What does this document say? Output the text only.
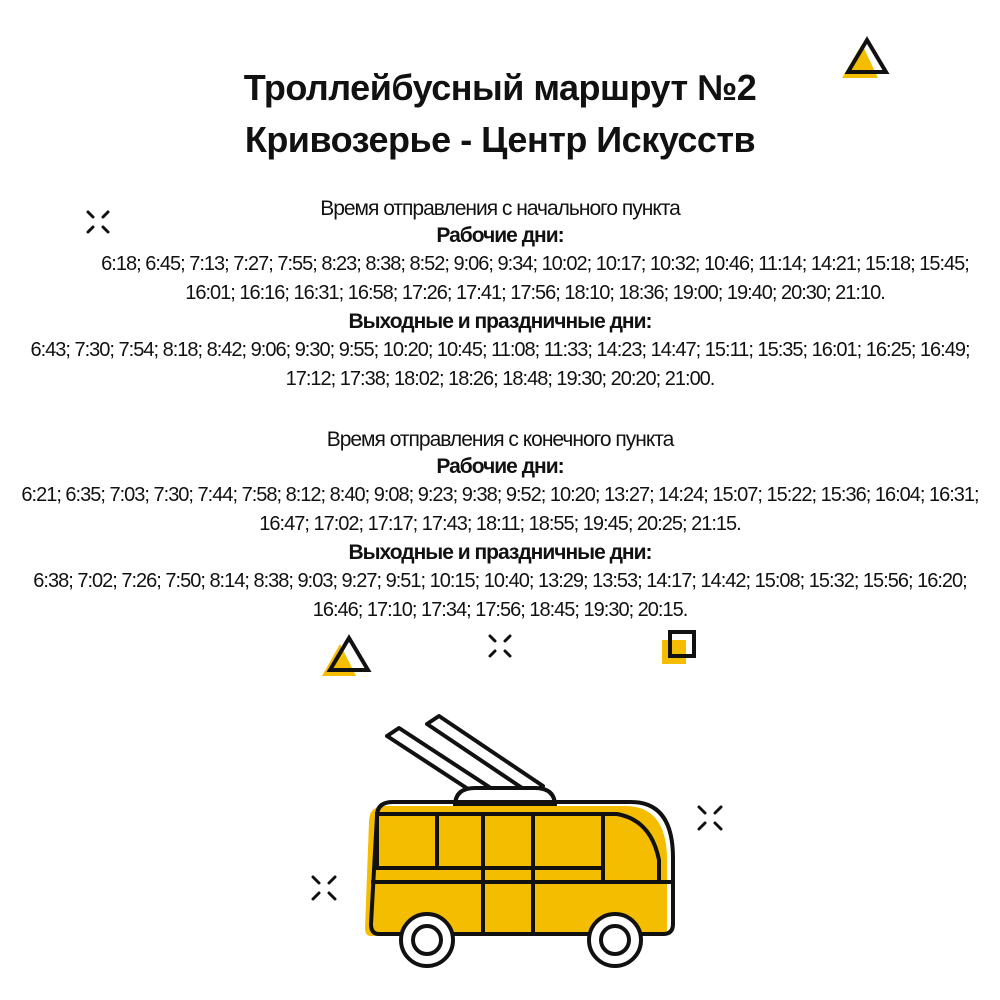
Троллейбусный маршрут №2
Кривозерье - Центр Искусств

Время отправления с начального пункта

Рабочие дни:

6:18; 6:45; 7:13; 7:27; 7:55; 8:23; 8:38; 8:52; 9:06; 9:34; 10:02; 10:17; 10:32; 10:46; 11:14; 14:21; 15:18; 15:45; 16:01; 16:16; 16:31; 16:58; 17:26; 17:41; 17:56; 18:10; 18:36; 19:00; 19:40; 20:30; 21:10.

Выходные и праздничные дни:

6:43; 7:30; 7:54; 8:18; 8:42; 9:06; 9:30; 9:55; 10:20; 10:45; 11:08; 11:33; 14:23; 14:47; 15:11; 15:35; 16:01; 16:25; 16:49; 17:12; 17:38; 18:02; 18:26; 18:48; 19:30; 20:20; 21:00.

Время отправления с конечного пункта

Рабочие дни:

6:21; 6:35; 7:03; 7:30; 7:44; 7:58; 8:12; 8:40; 9:08; 9:23; 9:38; 9:52; 10:20; 13:27; 14:24; 15:07; 15:22; 15:36; 16:04; 16:31; 16:47; 17:02; 17:17; 17:43; 18:11; 18:55; 19:45; 20:25; 21:15.

Выходные и праздничные дни:

6:38; 7:02; 7:26; 7:50; 8:14; 8:38; 9:03; 9:27; 9:51; 10:15; 10:40; 13:29; 13:53; 14:17; 14:42; 15:08; 15:32; 15:56; 16:20; 16:46; 17:10; 17:34; 17:56; 18:45; 19:30; 20:15.
